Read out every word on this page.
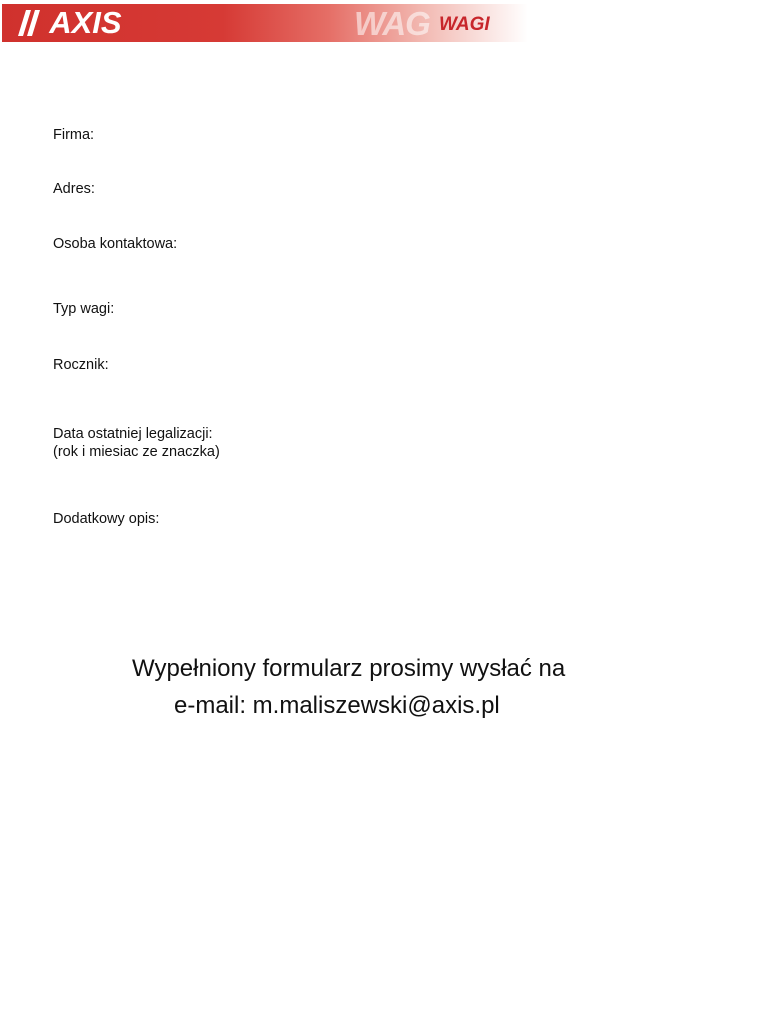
AXIS	WAG WAGI
Firma:
Adres:
Osoba kontaktowa:
Typ wagi:
Rocznik:
Data ostatniej legalizacji:
(rok i miesiac ze znaczka)
Dodatkowy opis:
Wypełniony formularz prosimy wysłać na
e-mail: m.maliszewski@axis.pl
